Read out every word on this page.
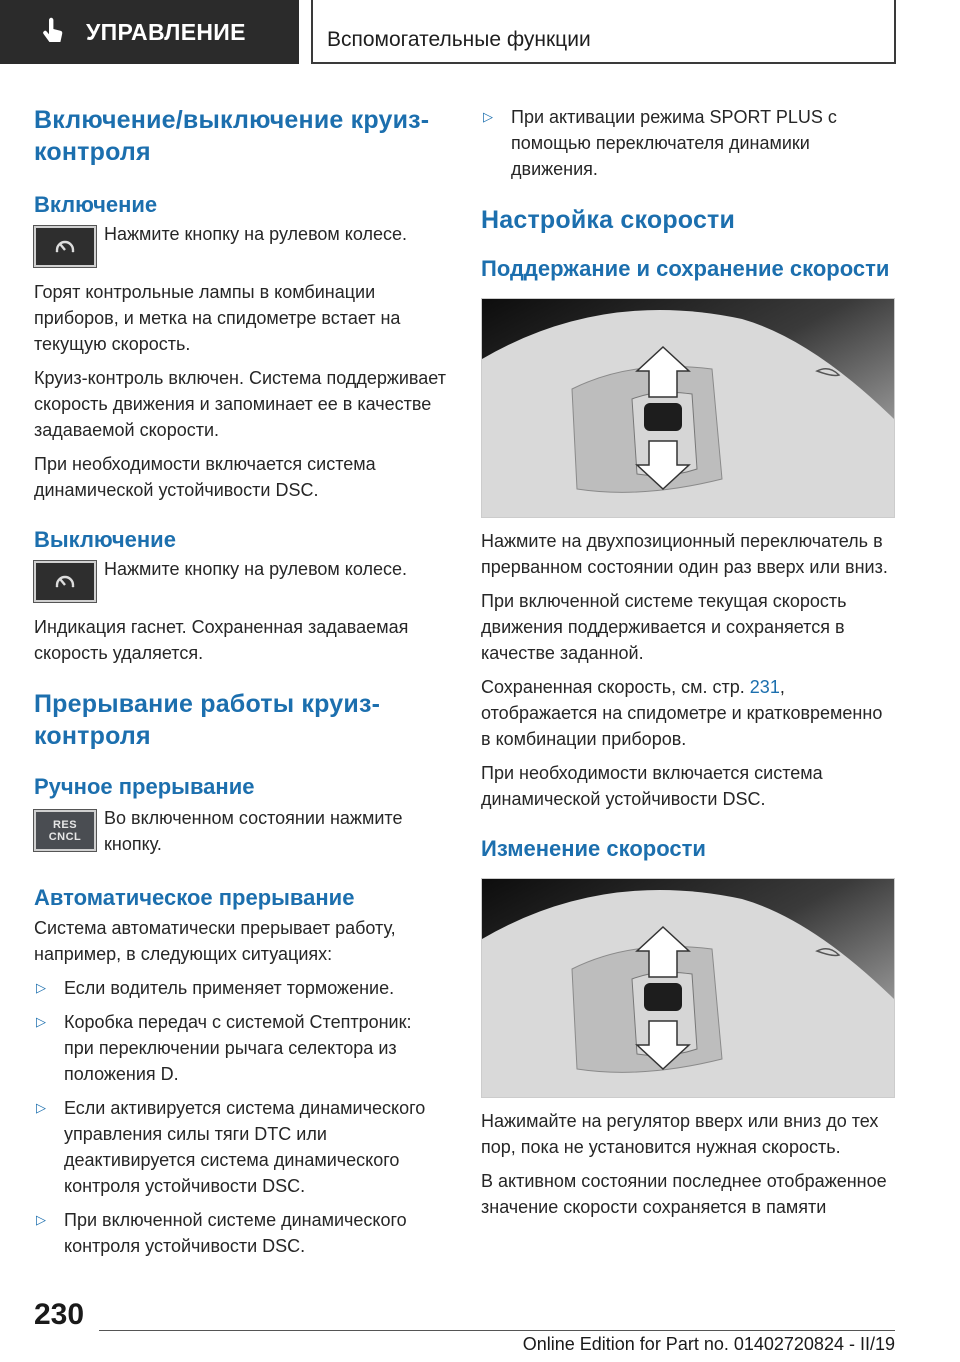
УПРАВЛЕНИЕ	Вспомогательные функции
Включение/выключение круиз-контроля
Включение
Нажмите кнопку на рулевом колесе.
Горят контрольные лампы в комбинации приборов, и метка на спидометре встает на текущую скорость.
Круиз-контроль включен. Система поддерживает скорость движения и запоминает ее в качестве задаваемой скорости.
При необходимости включается система динамической устойчивости DSC.
Выключение
Нажмите кнопку на рулевом колесе.
Индикация гаснет. Сохраненная задаваемая скорость удаляется.
Прерывание работы круиз-контроля
Ручное прерывание
RES
CNCL
Во включенном состоянии нажмите кнопку.
Автоматическое прерывание
Система автоматически прерывает работу, например, в следующих ситуациях:
▷	Если водитель применяет торможение.
▷	Коробка передач с системой Стептроник: при переключении рычага селектора из положения D.
▷	Если активируется система динамического управления силы тяги DTC или деактивируется система динамического контроля устойчивости DSC.
▷	При включенной системе динамического контроля устойчивости DSC.
▷	При активации режима SPORT PLUS с помощью переключателя динамики движения.
Настройка скорости
Поддержание и сохранение скорости
Нажмите на двухпозиционный переключатель в прерванном состоянии один раз вверх или вниз.
При включенной системе текущая скорость движения поддерживается и сохраняется в качестве заданной.
Сохраненная скорость, см. стр. 231, отображается на спидометре и кратковременно в комбинации приборов.
При необходимости включается система динамической устойчивости DSC.
Изменение скорости
Нажимайте на регулятор вверх или вниз до тех пор, пока не установится нужная скорость.
В активном состоянии последнее отображенное значение скорости сохраняется в памяти
230
Online Edition for Part no. 01402720824 - II/19
